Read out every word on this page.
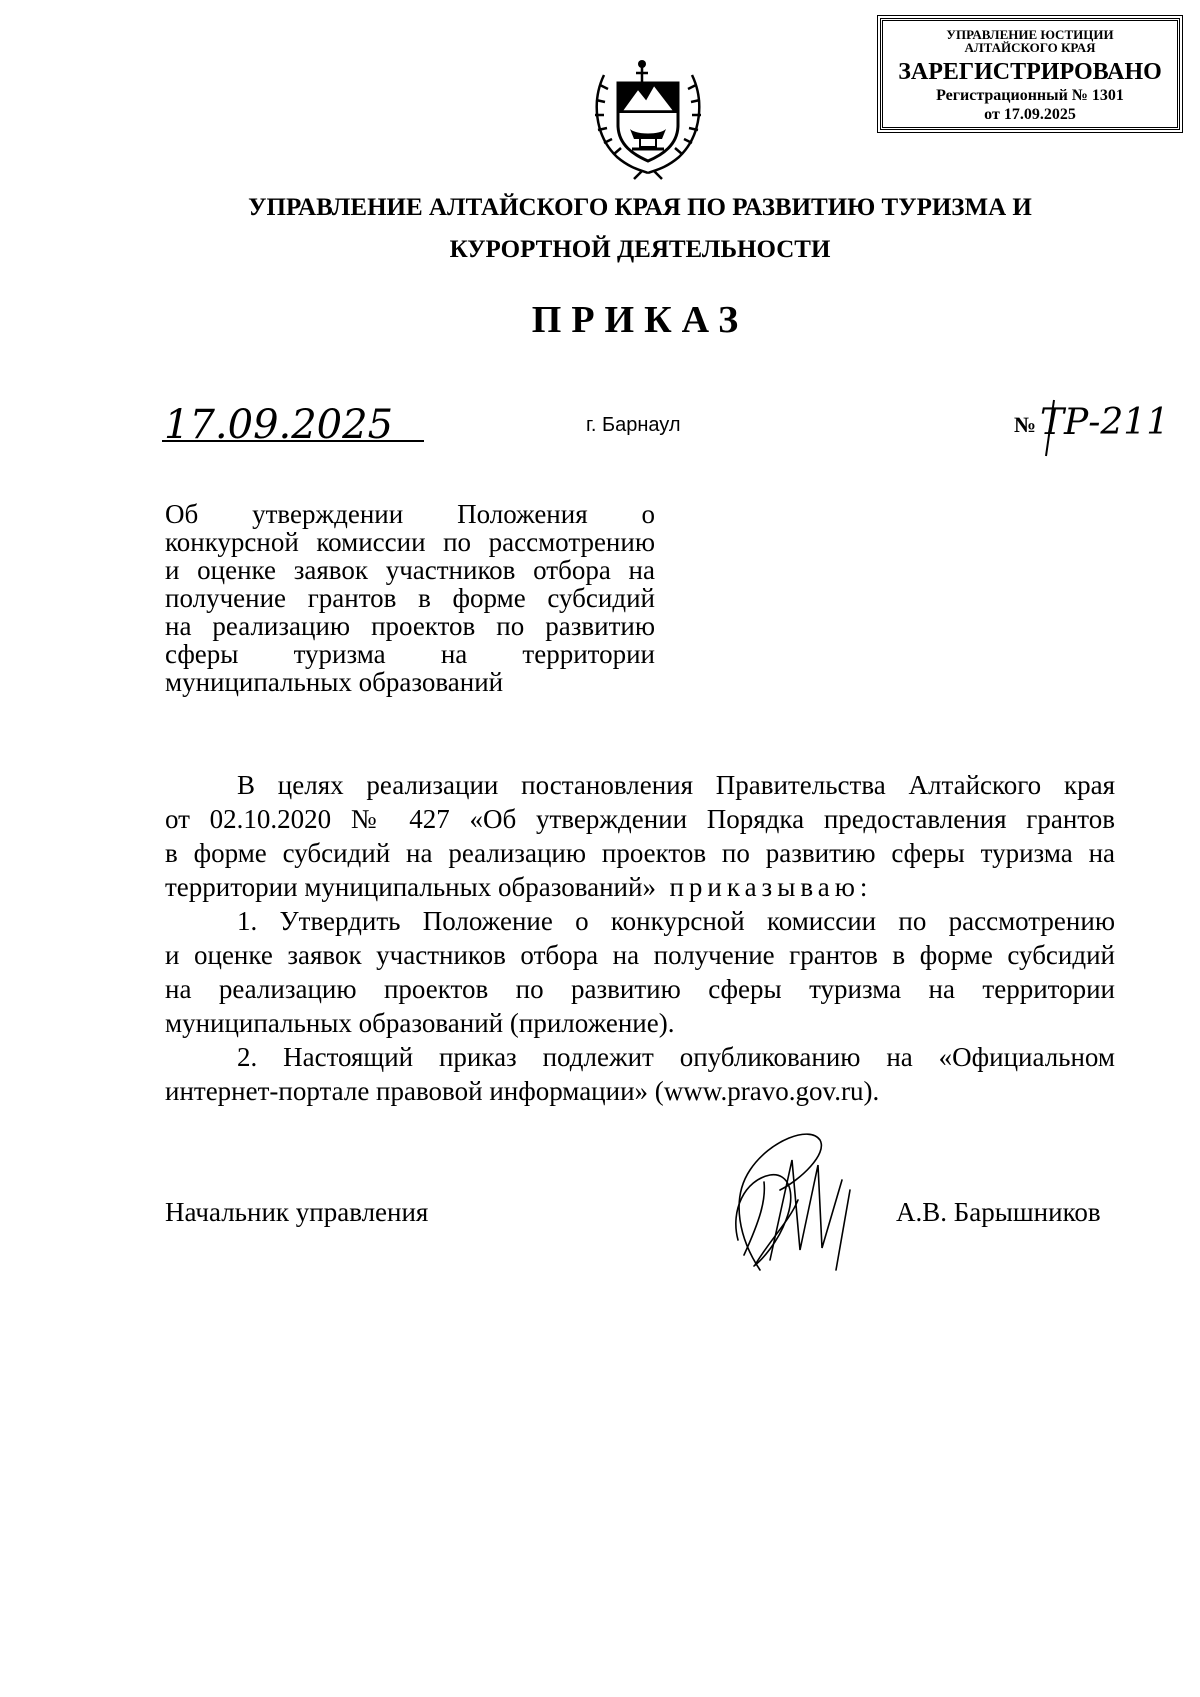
УПРАВЛЕНИЕ ЮСТИЦИИ
АЛТАЙСКОГО КРАЯ
ЗАРЕГИСТРИРОВАНО
Регистрационный № 1301
от 17.09.2025
УПРАВЛЕНИЕ АЛТАЙСКОГО КРАЯ ПО РАЗВИТИЮ ТУРИЗМА И
КУРОРТНОЙ ДЕЯТЕЛЬНОСТИ
ПРИКАЗ
17.09.2025	г. Барнаул	№ ТР-211
Об утверждении Положения о
конкурсной комиссии по рассмотрению
и оценке заявок участников отбора на
получение грантов в форме субсидий
на реализацию проектов по развитию
сферы туризма на территории
муниципальных образований

В целях реализации постановления Правительства Алтайского края
от 02.10.2020 № 427 «Об утверждении Порядка предоставления грантов
в форме субсидий на реализацию проектов по развитию сферы туризма на
территории муниципальных образований» приказываю:

1. Утвердить Положение о конкурсной комиссии по рассмотрению
и оценке заявок участников отбора на получение грантов в форме субсидий
на реализацию проектов по развитию сферы туризма на территории
муниципальных образований (приложение).

2. Настоящий приказ подлежит опубликованию на «Официальном
интернет-портале правовой информации» (www.pravo.gov.ru).

Начальник управления	А.В. Барышников
